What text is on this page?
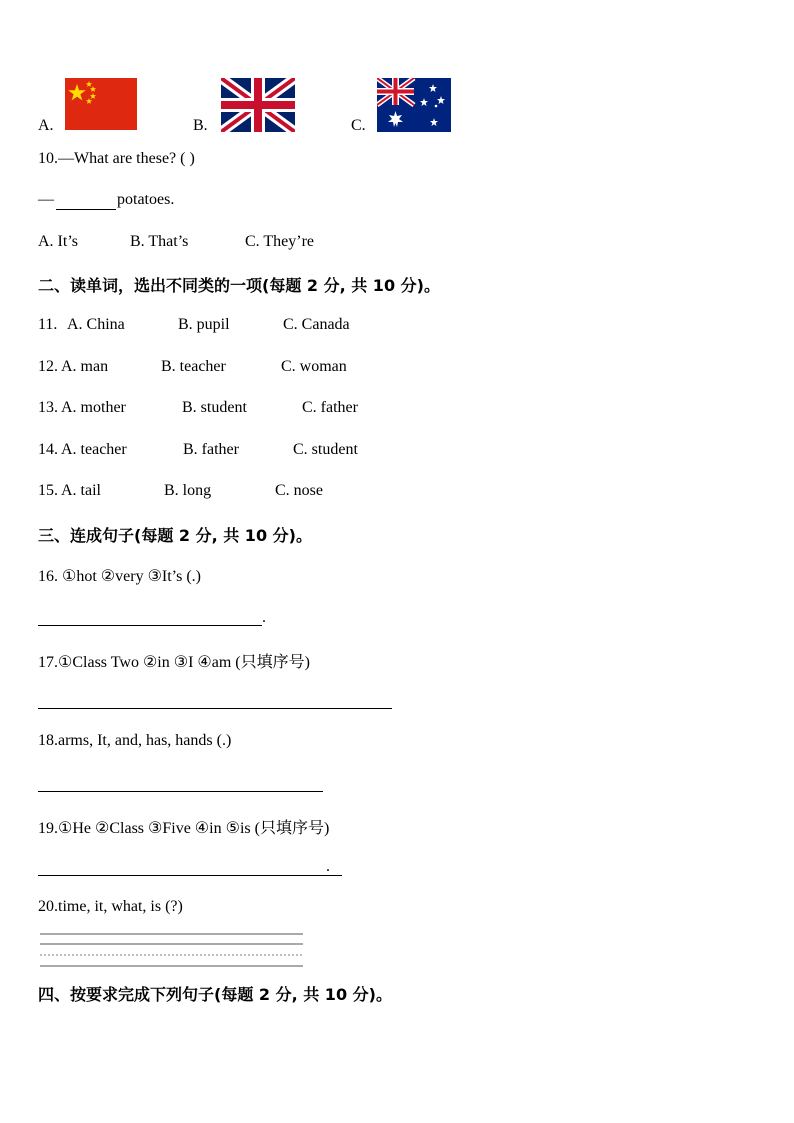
A.	B.	C.
10.—What are these? ( )
—	potatoes.
A. It’s	B. That’s	C. They’re
二、读单词，选出不同类的一项(每题 2 分, 共 10 分)。
11. A. China	B. pupil	C. Canada
12. A. man	B. teacher	C. woman
13. A. mother	B. student	C. father
14. A. teacher	B. father	C. student
15. A. tail	B. long	C. nose
三、连成句子(每题 2 分, 共 10 分)。
16. ①hot ②very ③It’s (.)
.
17.①Class Two ②in ③I ④am (只填序号)
18.arms, It, and, has, hands (.)
19.①He ②Class ③Five ④in ⑤is (只填序号)
.
20.time, it, what, is (?)
四、按要求完成下列句子(每题 2 分, 共 10 分)。
